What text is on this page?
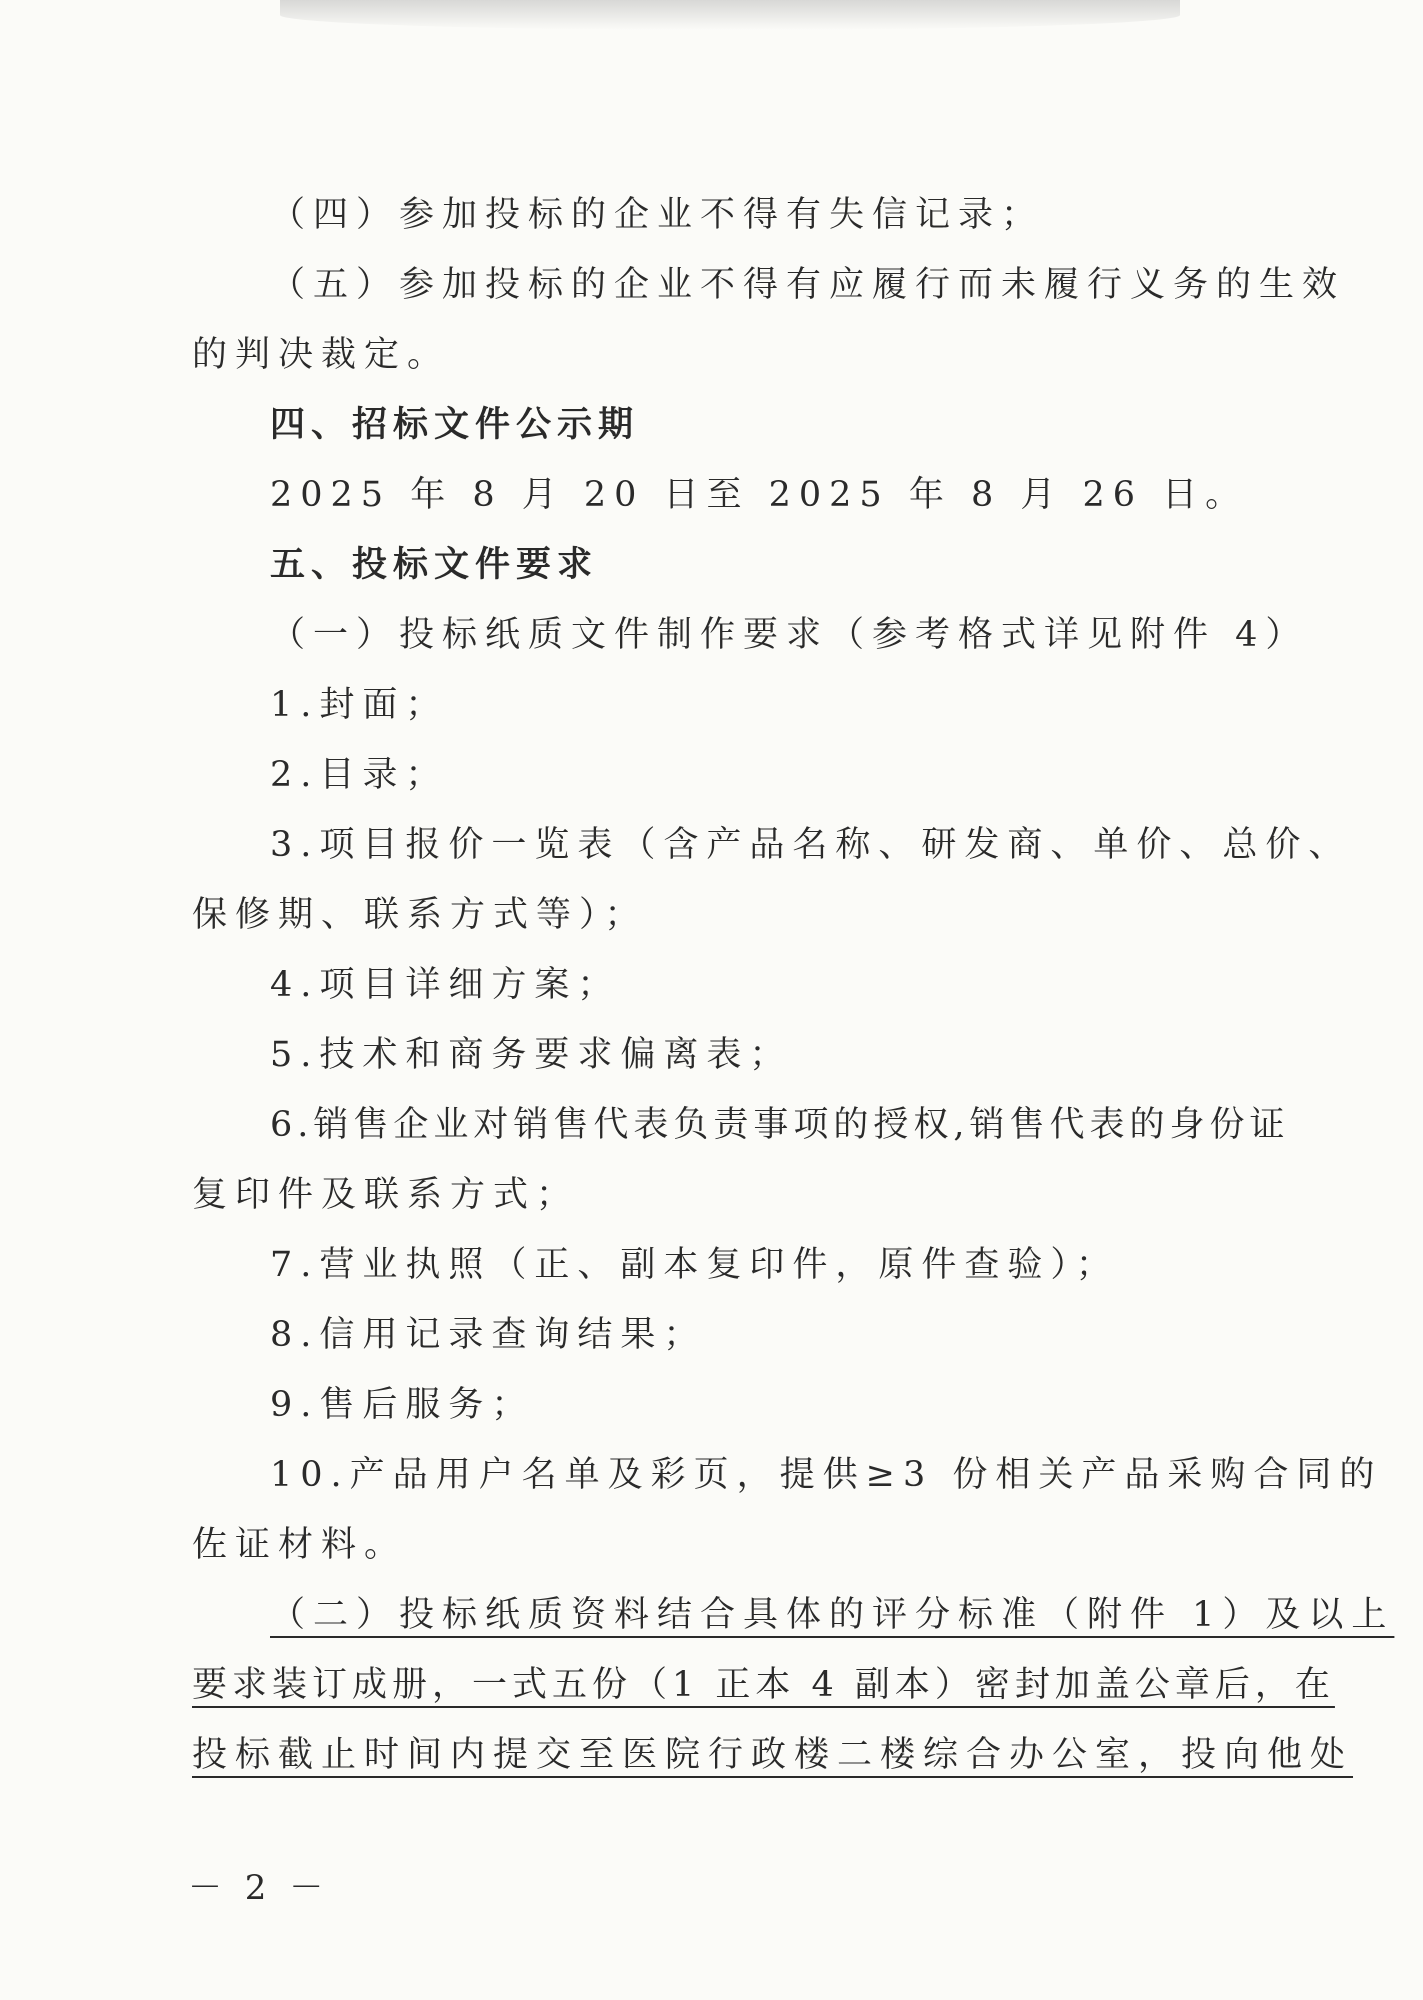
（四）参加投标的企业不得有失信记录；
（五）参加投标的企业不得有应履行而未履行义务的生效
的判决裁定。
四、招标文件公示期
2025 年 8 月 20 日至 2025 年 8 月 26 日。
五、投标文件要求
（一）投标纸质文件制作要求（参考格式详见附件 4）
1.封面；
2.目录；
3.项目报价一览表（含产品名称、研发商、单价、总价、
保修期、联系方式等）；
4.项目详细方案；
5.技术和商务要求偏离表；
6.销售企业对销售代表负责事项的授权,销售代表的身份证
复印件及联系方式；
7.营业执照（正、副本复印件，原件查验）；
8.信用记录查询结果；
9.售后服务；
10.产品用户名单及彩页，提供≥3 份相关产品采购合同的
佐证材料。
（二）投标纸质资料结合具体的评分标准（附件 1）及以上
要求装订成册，一式五份（1 正本 4 副本）密封加盖公章后，在
投标截止时间内提交至医院行政楼二楼综合办公室，投向他处
－ 2 －
